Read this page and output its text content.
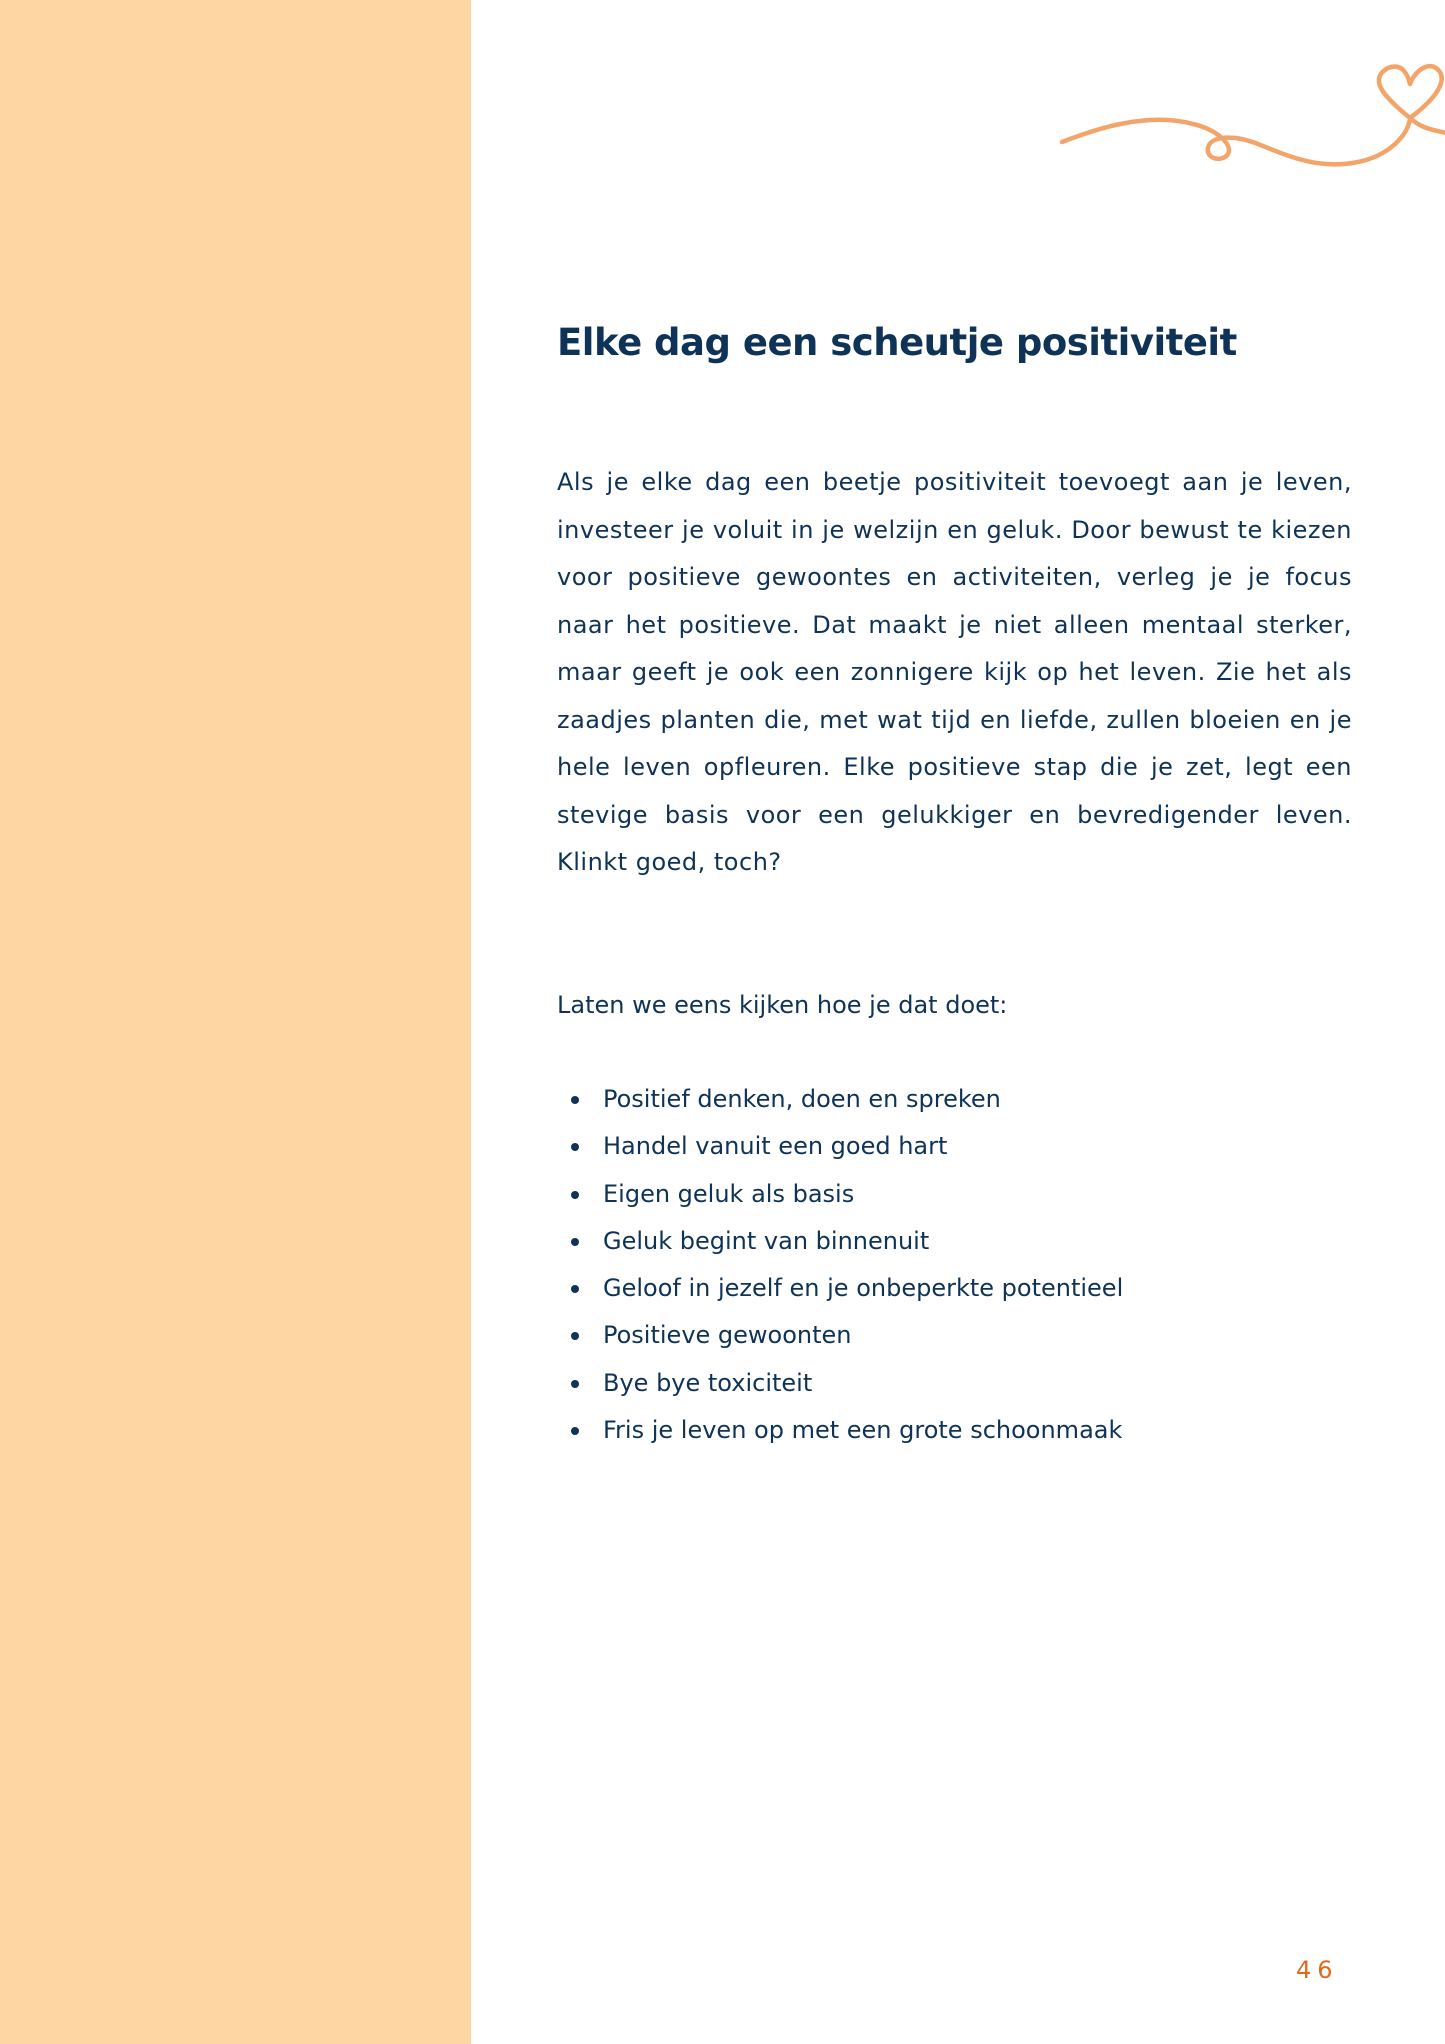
Elke dag een scheutje positiviteit

Als je elke dag een beetje positiviteit toevoegt aan je leven, investeer je voluit in je welzijn en geluk. Door bewust te kiezen voor positieve gewoontes en activiteiten, verleg je je focus naar het positieve. Dat maakt je niet alleen mentaal sterker, maar geeft je ook een zonnigere kijk op het leven. Zie het als zaadjes planten die, met wat tijd en liefde, zullen bloeien en je hele leven opfleuren. Elke positieve stap die je zet, legt een stevige basis voor een gelukkiger en bevredigender leven. Klinkt goed, toch?

Laten we eens kijken hoe je dat doet:

Positief denken, doen en spreken
Handel vanuit een goed hart
Eigen geluk als basis
Geluk begint van binnenuit
Geloof in jezelf en je onbeperkte potentieel
Positieve gewoonten
Bye bye toxiciteit
Fris je leven op met een grote schoonmaak
46
